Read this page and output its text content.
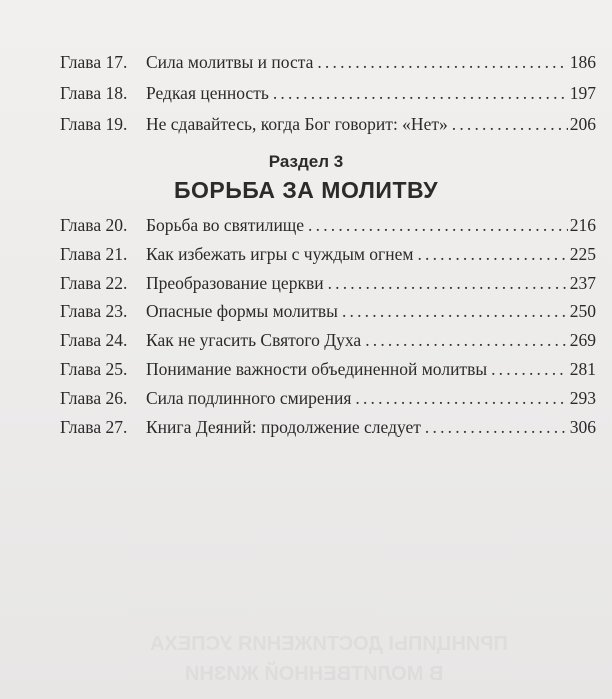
ПРИНЦИПЫ ДОСТИЖЕНИЯ УСПЕХА
В МОЛИТВЕННОЙ ЖИЗНИ
Глава 17. Сила молитвы и поста .....	186
Глава 18. Редкая ценность .....	197
Глава 19. Не сдавайтесь, когда Бог говорит: «Нет» .....	206
Раздел 3
БОРЬБА ЗА МОЛИТВУ
Глава 20. Борьба во святилище .....	216
Глава 21. Как избежать игры с чуждым огнем .....	225
Глава 22. Преобразование церкви .....	237
Глава 23. Опасные формы молитвы .....	250
Глава 24. Как не угасить Святого Духа .....	269
Глава 25. Понимание важности объединенной молитвы .....	281
Глава 26. Сила подлинного смирения .....	293
Глава 27. Книга Деяний: продолжение следует .....	306
